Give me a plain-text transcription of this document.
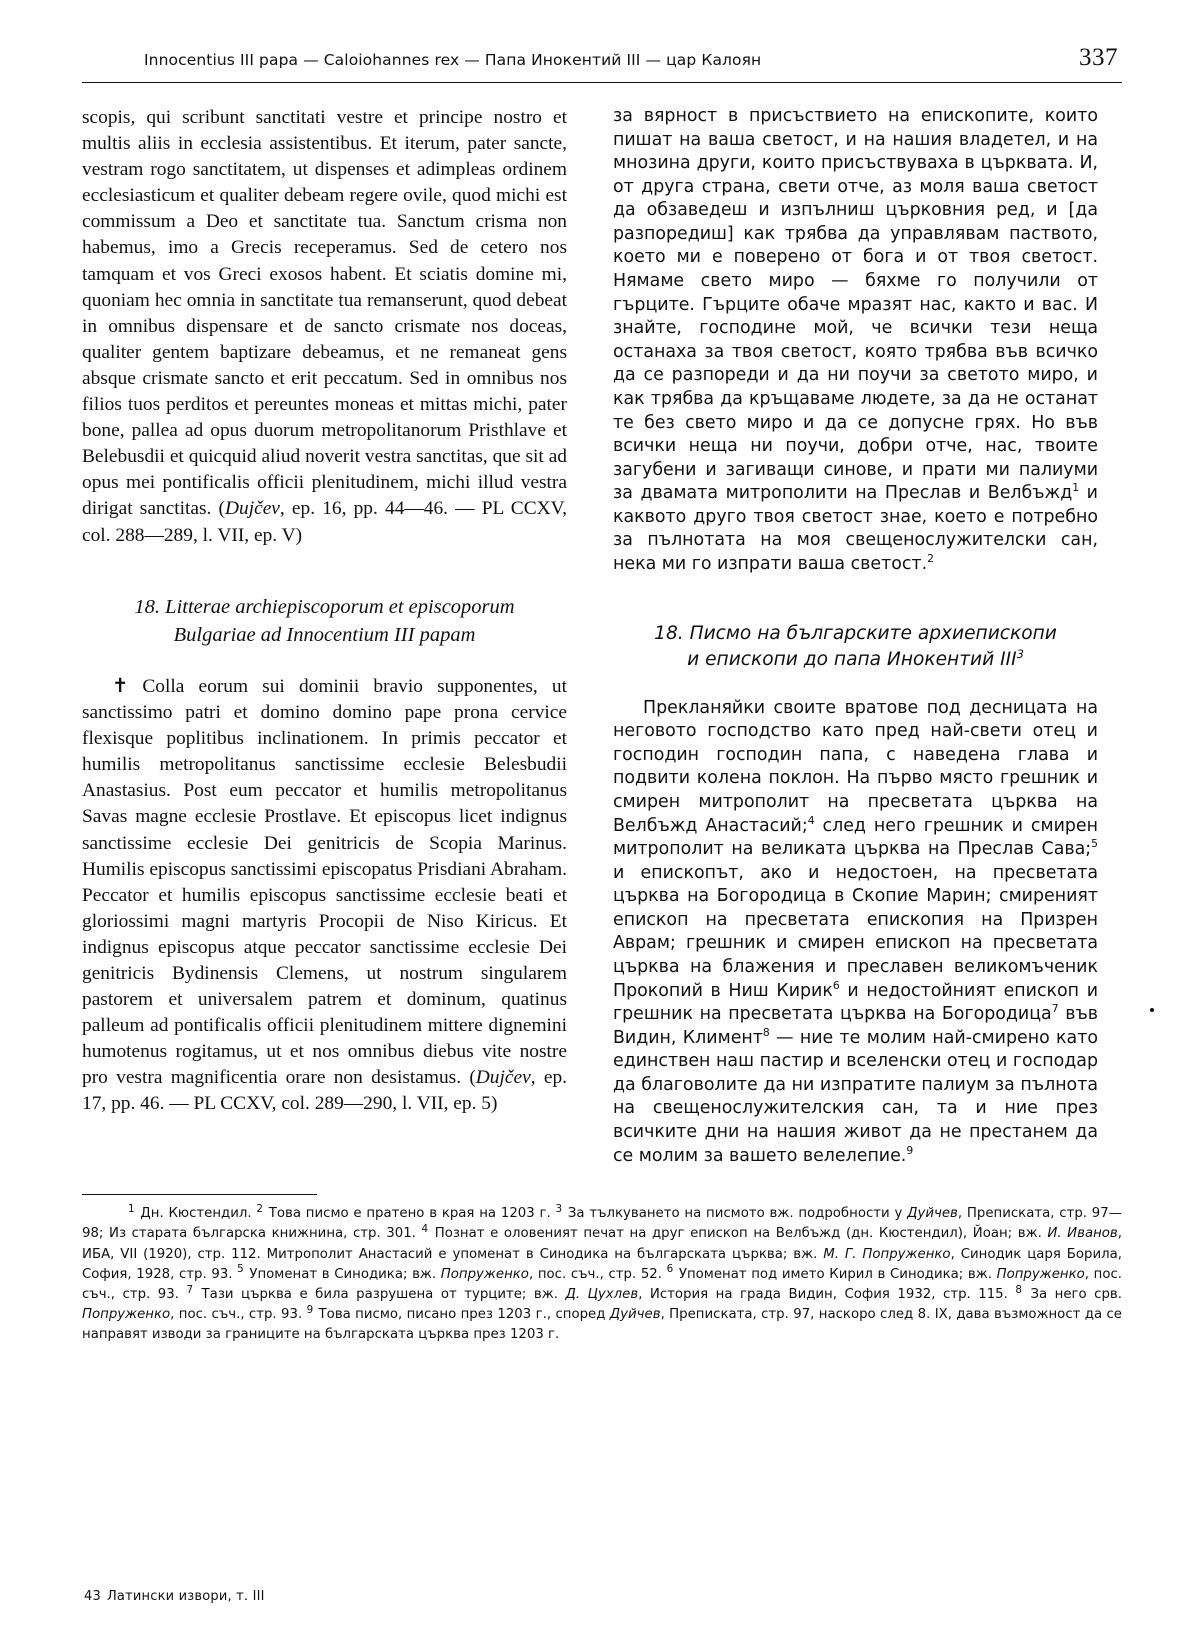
Innocentius III papa — Caloiohannes rex — Папа Инокентий III — цар Калоян	337

scopis, qui scribunt sanctitati vestre et principe nostro et multis aliis in ecclesia assistentibus. Et iterum, pater sancte, vestram rogo sanctitatem, ut dispenses et adimpleas ordinem ecclesiasticum et qualiter debeam regere ovile, quod michi est commissum a Deo et sanctitate tua. Sanctum crisma non habemus, imo a Grecis receperamus. Sed de cetero nos tamquam et vos Greci exosos habent. Et sciatis domine mi, quoniam hec omnia in sanctitate tua remanserunt, quod debeat in omnibus dispensare et de sancto crismate nos doceas, qualiter gentem baptizare debeamus, et ne remaneat gens absque crismate sancto et erit peccatum. Sed in omnibus nos filios tuos perditos et pereuntes moneas et mittas michi, pater bone, pallea ad opus duorum metropolitanorum Pristhlave et Belebusdii et quicquid aliud noverit vestra sanctitas, que sit ad opus mei pontificalis officii plenitudinem, michi illud vestra dirigat sanctitas. (Dujčev, ep. 16, pp. 44—46. — PL CCXV, col. 288—289, l. VII, ep. V)

18. Litterae archiepiscoporum et episcoporum
Bulgariae ad Innocentium III papam

✝ Colla eorum sui dominii bravio supponentes, ut sanctissimo patri et domino domino pape prona cervice flexisque poplitibus inclinationem. In primis peccator et humilis metropolitanus sanctissime ecclesie Belesbudii Anastasius. Post eum peccator et humilis metropolitanus Savas magne ecclesie Prostlave. Et episcopus licet indignus sanctissime ecclesie Dei genitricis de Scopia Marinus. Humilis episcopus sanctissimi episcopatus Prisdiani Abraham. Peccator et humilis episcopus sanctissime ecclesie beati et gloriossimi magni martyris Procopii de Niso Kiricus. Et indignus episcopus atque peccator sanctissime ecclesie Dei genitricis Bydinensis Clemens, ut nostrum singularem pastorem et universalem patrem et dominum, quatinus palleum ad pontificalis officii plenitudinem mittere dignemini humotenus rogitamus, ut et nos omnibus diebus vite nostre pro vestra magnificentia orare non desistamus. (Dujčev, ep. 17, pp. 46. — PL CCXV, col. 289—290, l. VII, ep. 5)

за вярност в присъствието на епископите, които пишат на ваша светост, и на нашия владетел, и на мнозина други, които присъствуваха в църквата. И, от друга страна, свети отче, аз моля ваша светост да обзаведеш и изпълниш църковния ред, и [да разпоредиш] как трябва да управлявам паството, което ми е поверено от бога и от твоя светост. Нямаме свето миро — бяхме го получили от гърците. Гърците обаче мразят нас, както и вас. И знайте, господине мой, че всички тези неща останаха за твоя светост, която трябва във всичко да се разпореди и да ни поучи за светото миро, и как трябва да кръщаваме людете, за да не останат те без свето миро и да се допусне грях. Но във всички неща ни поучи, добри отче, нас, твоите загубени и загиващи синове, и прати ми палиуми за двамата митрополити на Преслав и Велбъжд$^1$ и каквото друго твоя светост знае, което е потребно за пълнотата на моя свещенослужителски сан, нека ми го изпрати ваша светост.$^2$

18. Писмо на българските архиепископи
и епископи до папа Инокентий III$^3$

Прекланяйки своите вратове под десницата на неговото господство като пред най-свети отец и господин господин папа, с наведена глава и подвити колена поклон. На първо място грешник и смирен митрополит на пресветата църква на Велбъжд Анастасий;$^4$ след него грешник и смирен митрополит на великата църква на Преслав Сава;$^5$ и епископът, ако и недостоен, на пресветата църква на Богородица в Скопие Марин; смиреният епископ на пресветата епископия на Призрен Аврам; грешник и смирен епископ на пресветата църква на блажения и преславен великомъченик Прокопий в Ниш Кирик$^6$ и недостойният епископ и грешник на пресветата църква на Богородица$^7$ във Видин, Климент$^8$ — ние те молим най-смирено като единствен наш пастир и вселенски отец и господар да благоволите да ни изпратите палиум за пълнота на свещенослужителския сан, та и ние през всичките дни на нашия живот да не престанем да се молим за вашето велелепие.$^9$

$^1$ Дн. Кюстендил. $^2$ Това писмо е пратено в края на 1203 г. $^3$ За тълкуването на писмото вж. подробности у Дуйчев, Преписката, стр. 97—98; Из старата българска книжнина, стр. 301. $^4$ Познат е оловеният печат на друг епископ на Велбъжд (дн. Кюстендил), Йоан; вж. И. Иванов, ИБА, VII (1920), стр. 112. Митрополит Анастасий е упоменат в Синодика на българската църква; вж. М. Г. Попруженко, Синодик царя Борила, София, 1928, стр. 93. $^5$ Упоменат в Синодика; вж. Попруженко, пос. съч., стр. 52. $^6$ Упоменат под името Кирил в Синодика; вж. Попруженко, пос. съч., стр. 93. $^7$ Тази църква е била разрушена от турците; вж. Д. Цухлев, История на града Видин, София 1932, стр. 115. $^8$ За него срв. Попруженко, пос. съч., стр. 93. $^9$ Това писмо, писано през 1203 г., според Дуйчев, Преписката, стр. 97, наскоро след 8. IX, дава възможност да се направят изводи за границите на българската църква през 1203 г.
43 Латински извори, т. III
